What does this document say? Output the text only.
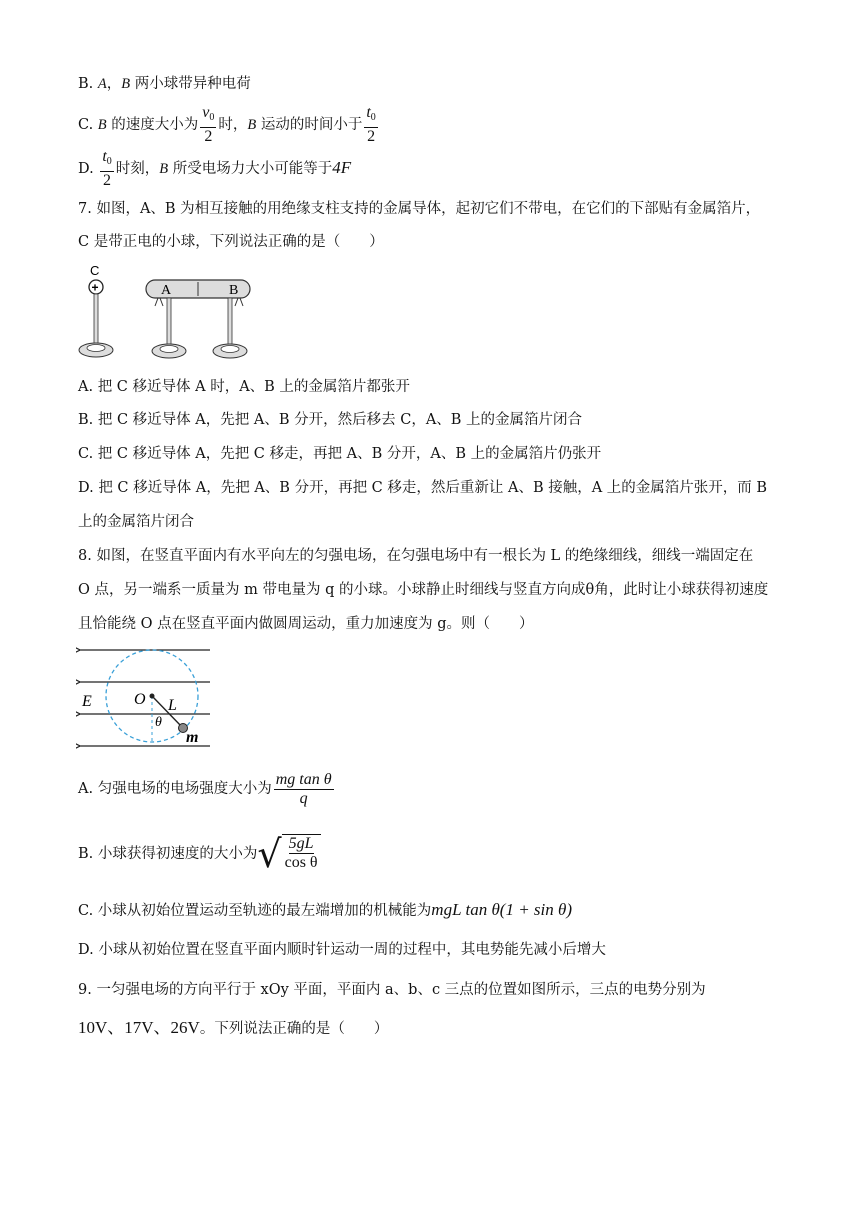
B. A，B 两小球带异种电荷
C. B 的速度大小为 $\frac{v_0}{2}$ 时，B 运动的时间小于 $\frac{t_0}{2}$
D. $\frac{t_0}{2}$ 时刻，B 所受电场力大小可能等于4F
7. 如图，A、B 为相互接触的用绝缘支柱支持的金属导体，起初它们不带电，在它们的下部贴有金属箔片，
C 是带正电的小球，下列说法正确的是（　　）
C
+	A	B
A. 把 C 移近导体 A 时，A、B 上的金属箔片都张开
B. 把 C 移近导体 A，先把 A、B 分开，然后移去 C，A、B 上的金属箔片闭合
C. 把 C 移近导体 A，先把 C 移走，再把 A、B 分开，A、B 上的金属箔片仍张开
D. 把 C 移近导体 A，先把 A、B 分开，再把 C 移走，然后重新让 A、B 接触，A 上的金属箔片张开，而 B
上的金属箔片闭合
8. 如图，在竖直平面内有水平向左的匀强电场，在匀强电场中有一根长为 L 的绝缘细线，细线一端固定在
O 点，另一端系一质量为 m 带电量为 q 的小球。小球静止时细线与竖直方向成θ角，此时让小球获得初速度
且恰能绕 O 点在竖直平面内做圆周运动，重力加速度为 g。则（　　）
E	O L
θ
m
A. 匀强电场的电场强度大小为 $\frac{\text{mg tan θ}}{q}$
B. 小球获得初速度的大小为 √ $\frac{5gL}{\text{cos θ}}$
C. 小球从初始位置运动至轨迹的最左端增加的机械能为mgL tan θ(1 + sin θ)
D. 小球从初始位置在竖直平面内顺时针运动一周的过程中，其电势能先减小后增大
9. 一匀强电场的方向平行于 xOy 平面，平面内 a、b、c 三点的位置如图所示，三点的电势分别为
10V、17V、26V。下列说法正确的是（　　）
